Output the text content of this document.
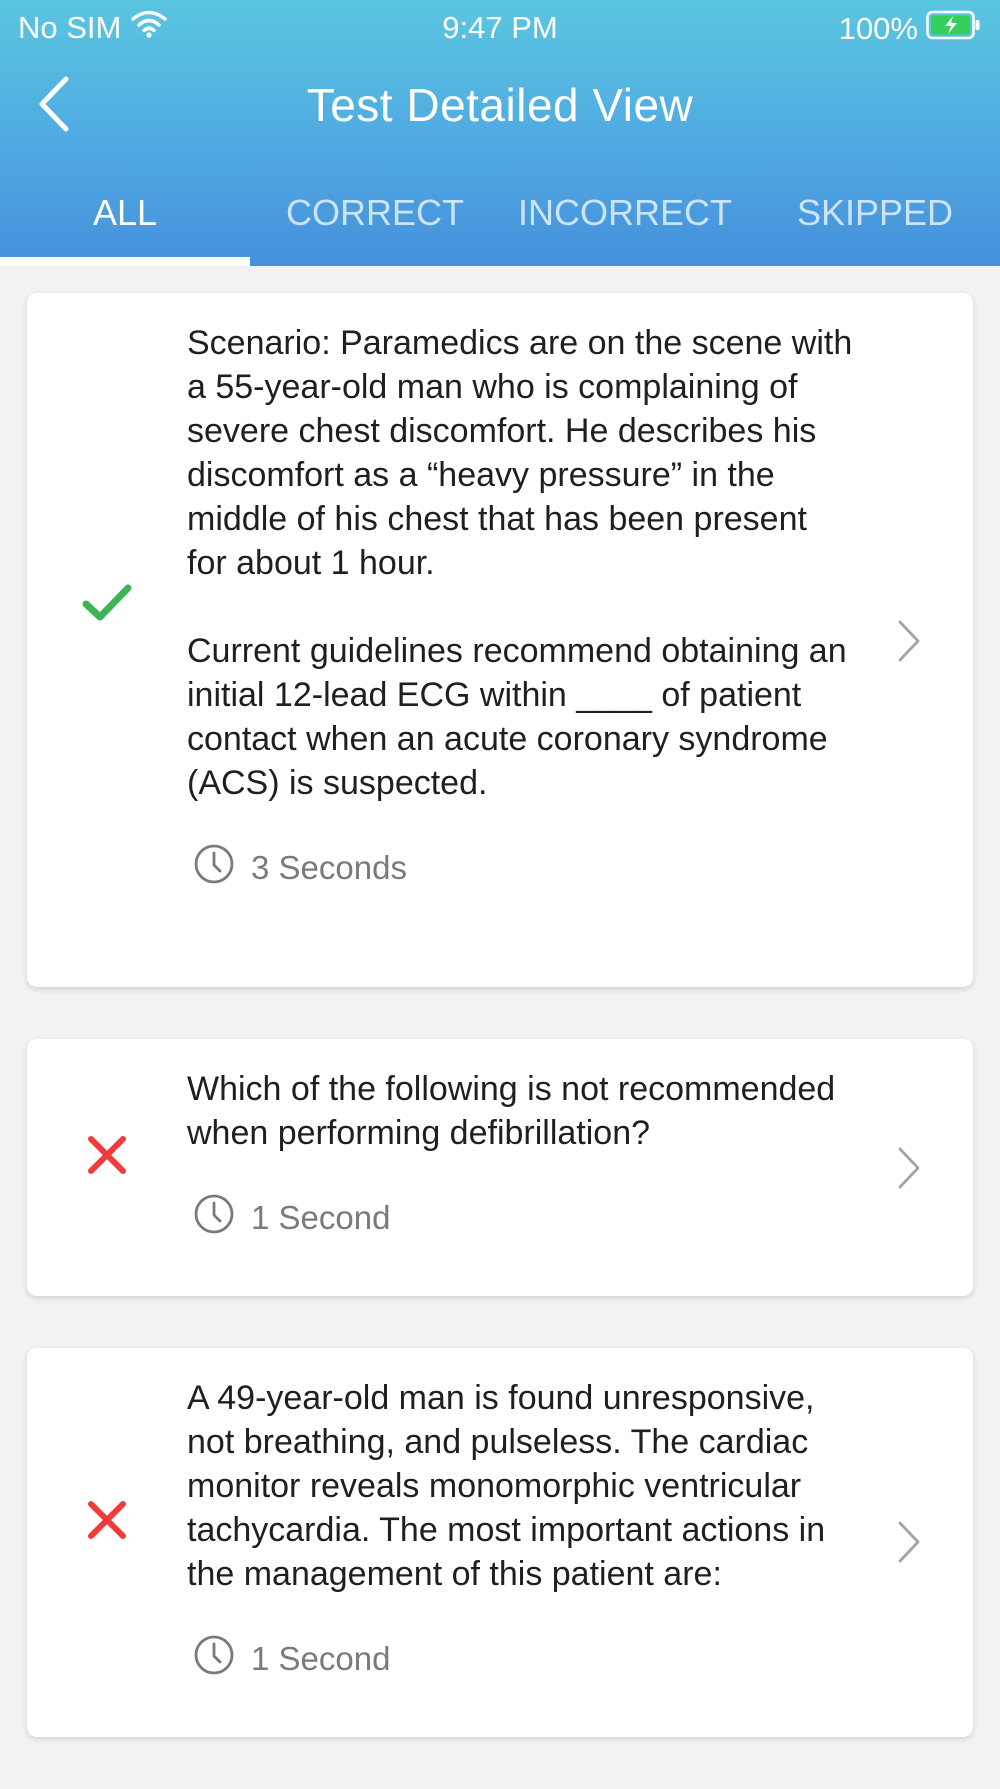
No SIM	9:47 PM	100%
Test Detailed View
ALL	CORRECT	INCORRECT	SKIPPED
Scenario: Paramedics are on the scene with a 55-year-old man who is complaining of severe chest discomfort. He describes his discomfort as a “heavy pressure” in the middle of his chest that has been present for about 1 hour.

Current guidelines recommend obtaining an initial 12-lead ECG within ____ of patient contact when an acute coronary syndrome (ACS) is suspected.
3 Seconds
Which of the following is not recommended when performing defibrillation?
1 Second
A 49-year-old man is found unresponsive, not breathing, and pulseless. The cardiac monitor reveals monomorphic ventricular tachycardia. The most important actions in the management of this patient are:
1 Second
